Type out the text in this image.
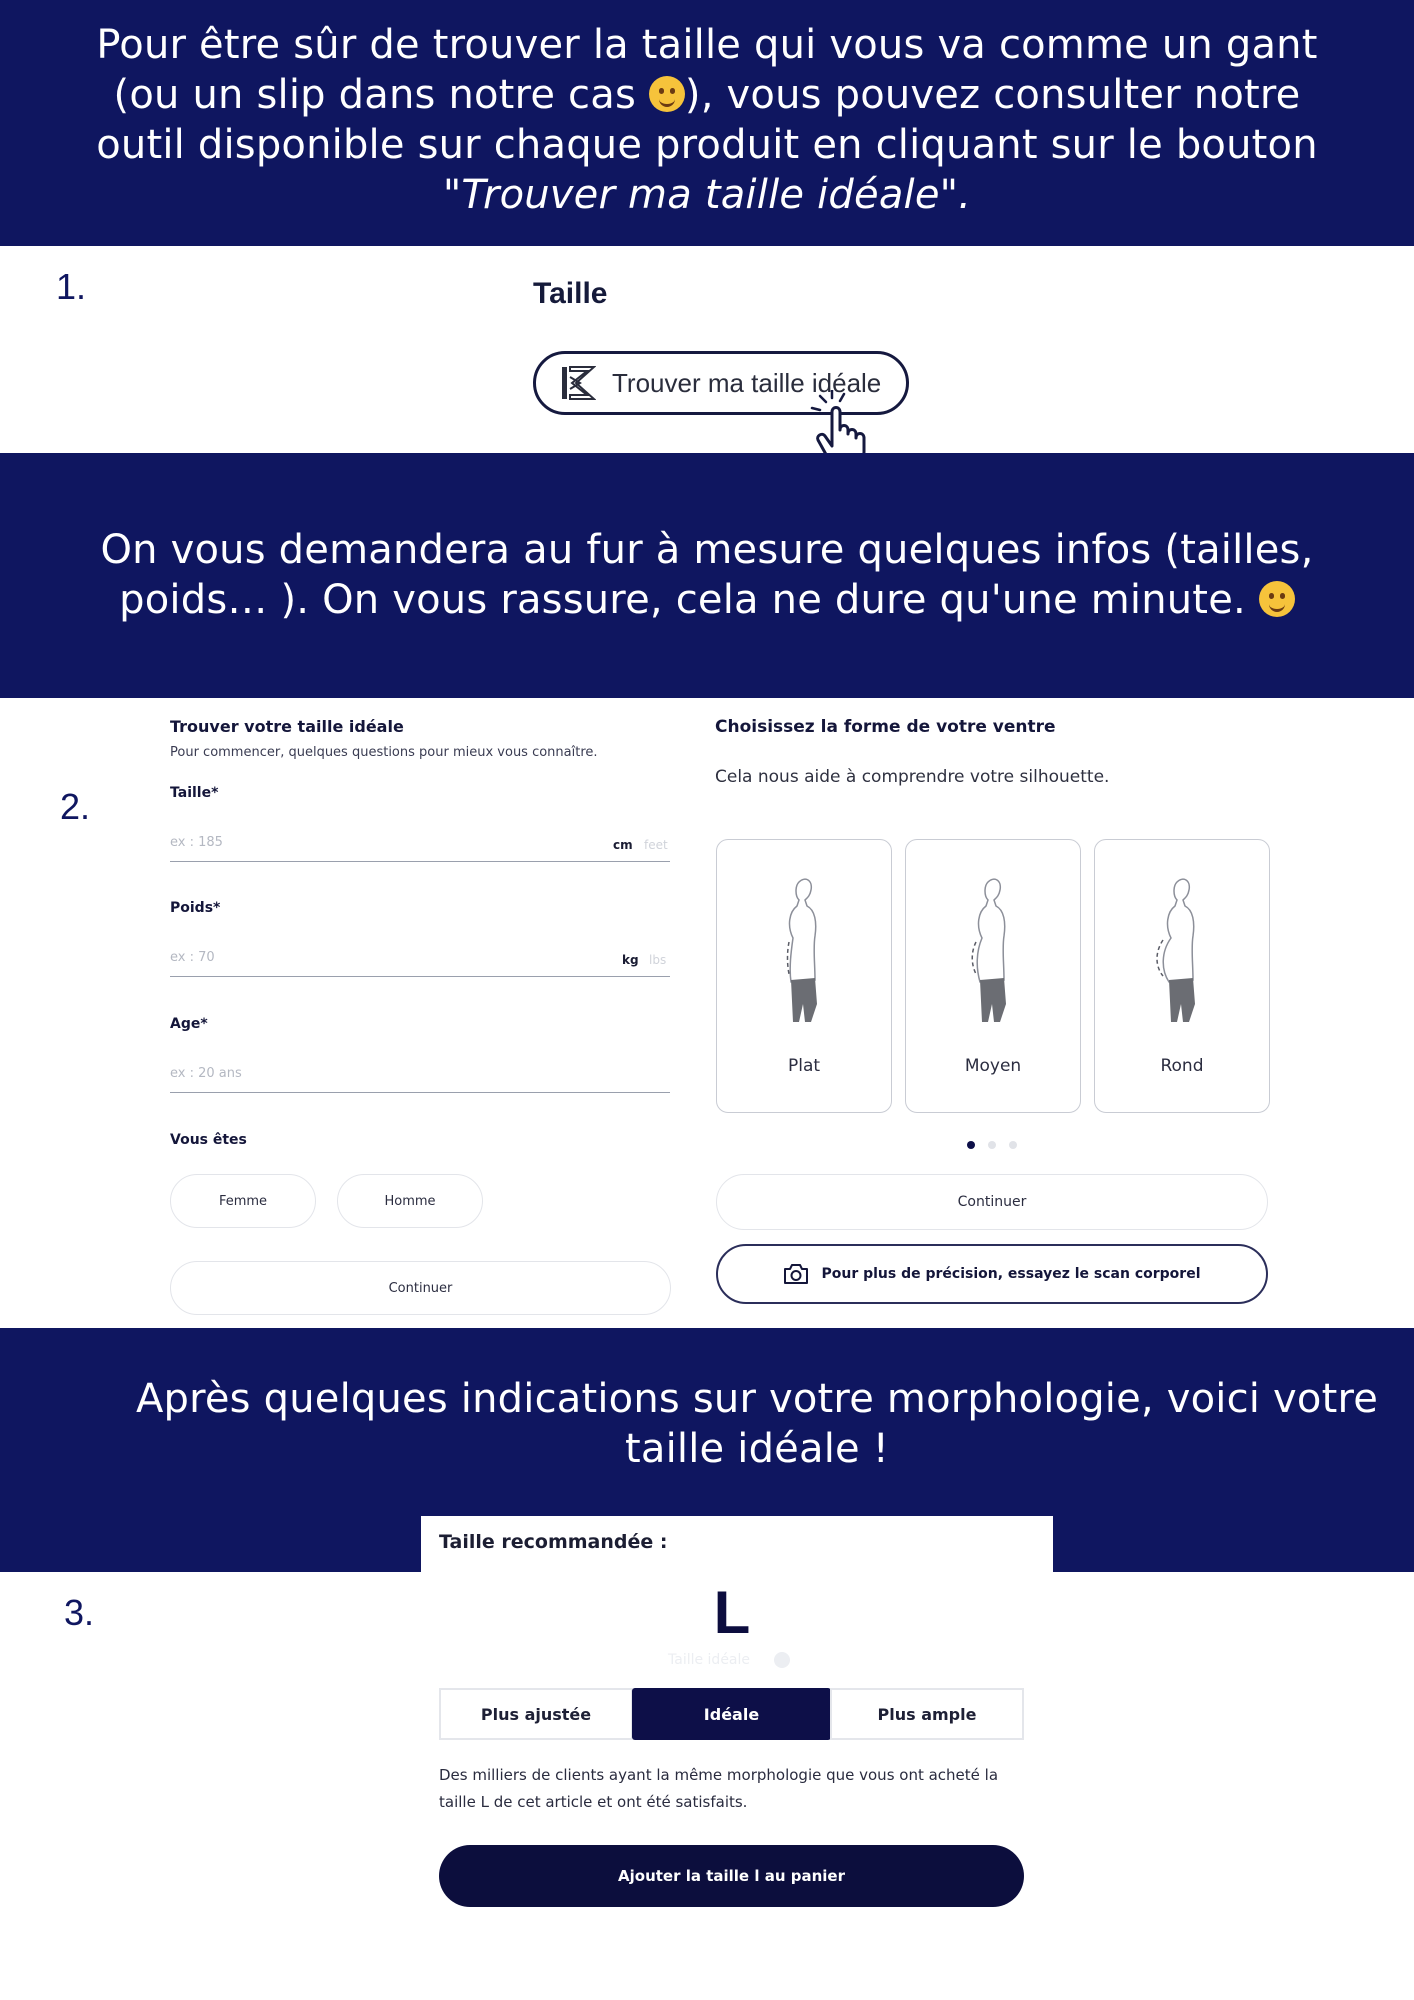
Pour être sûr de trouver la taille qui vous va comme un gant
(ou un slip dans notre cas
), vous pouvez consulter notre
outil disponible sur chaque produit en cliquant sur le bouton
"Trouver ma taille idéale".
1.	Taille
Trouver ma taille idéale
On vous demandera au fur à mesure quelques infos (tailles,
poids… ). On vous rassure, cela ne dure qu'une minute.
2.
Trouver votre taille idéale
Pour commencer, quelques questions pour mieux vous connaître.
Taille*
ex : 185	cm feet
Poids*
ex : 70	kg lbs
Age*
ex : 20 ans
Vous êtes
Femme	Homme
Continuer
Choisissez la forme de votre ventre
Cela nous aide à comprendre votre silhouette.
Plat	Moyen	Rond
Continuer
Pour plus de précision, essayez le scan corporel
Après quelques indications sur votre morphologie, voici votre
taille idéale !
Taille recommandée :
3.	L
Taille idéale
Plus ajustée	Idéale	Plus ample
Des milliers de clients ayant la même morphologie que vous ont acheté la
taille L de cet article et ont été satisfaits.
Ajouter la taille l au panier
